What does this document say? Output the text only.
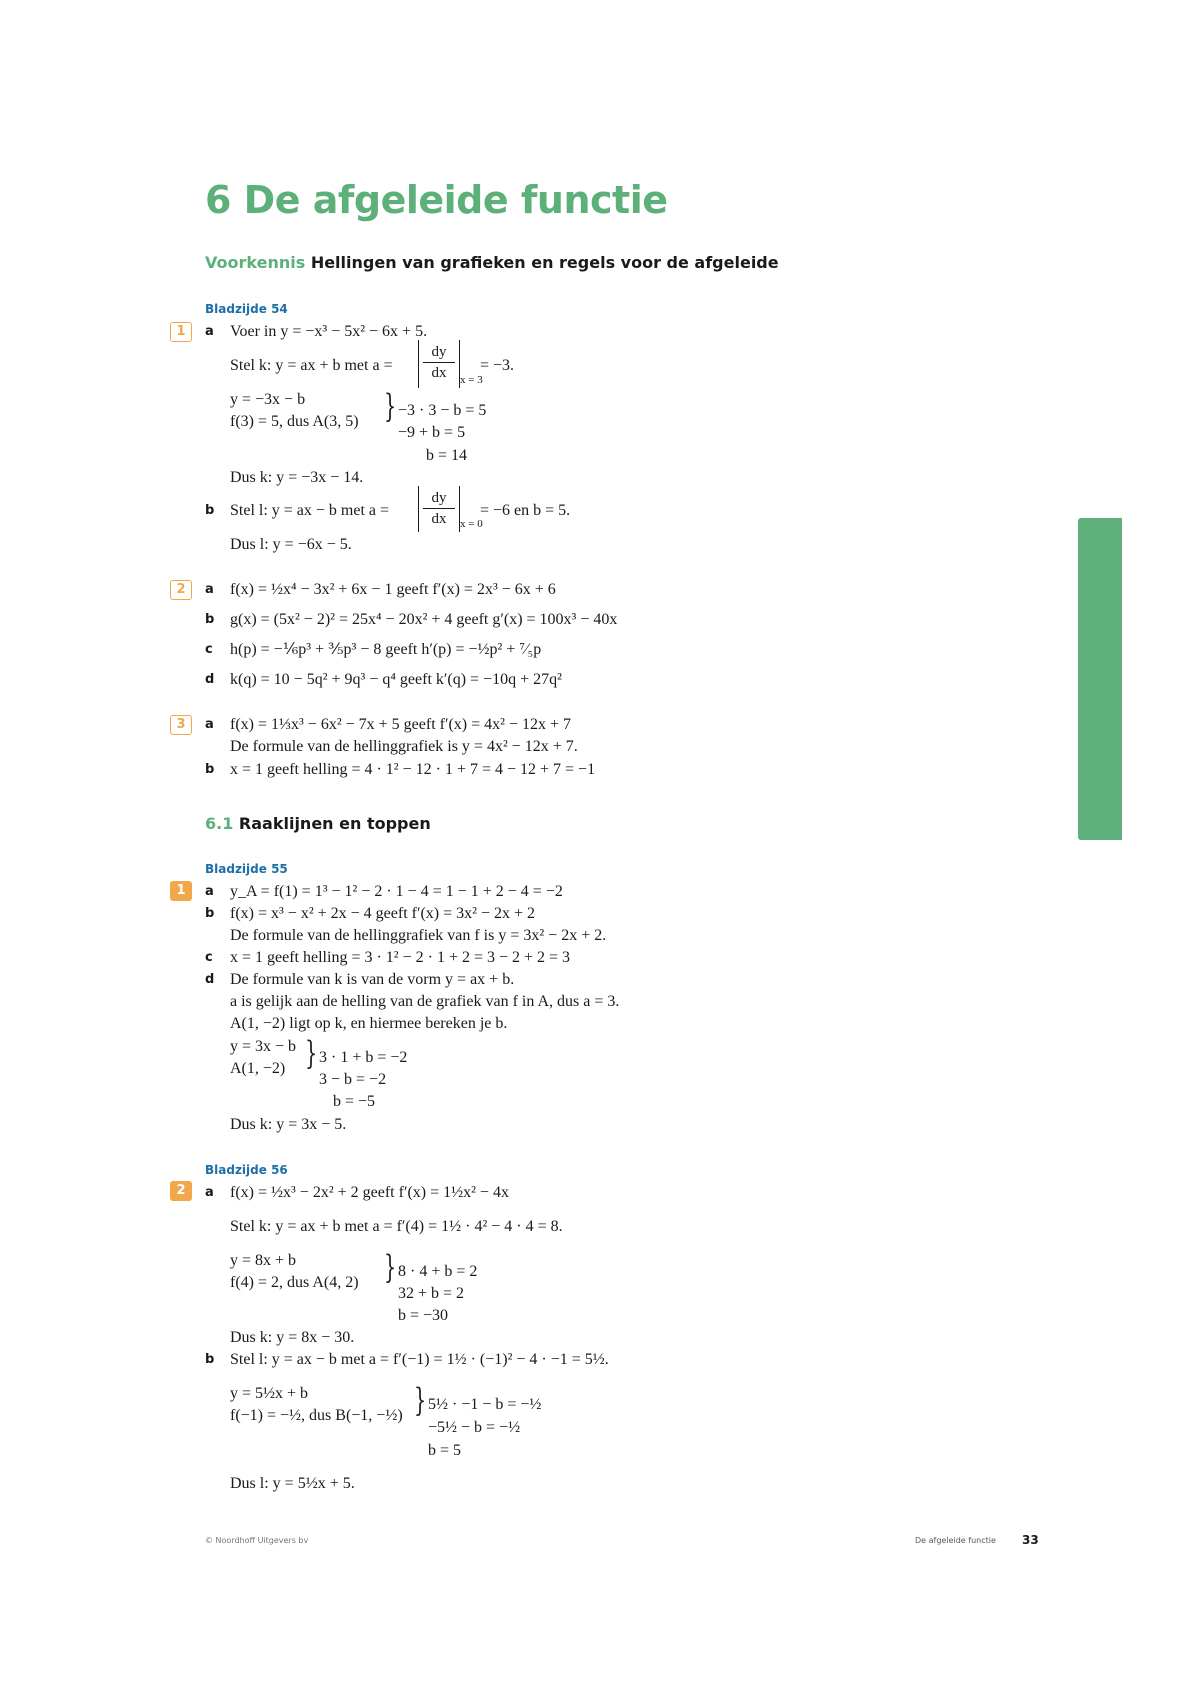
6 De afgeleide functie
Voorkennis Hellingen van grafieken en regels voor de afgeleide
Bladzijde 54
1	a Voer in y = −x³ − 5x² − 6x + 5.
Stel k: y = ax + b met $a = \frac{dy}{dx}$ x = 3
= −3.
y = −3x − b
f(3) = 5, dus A(3, 5) } −3 · 3 − b = 5
−9 + b = 5
b = 14
Dus k: y = −3x − 14.
b Stel l: y = ax − b met $a = \frac{dy}{dx}$ x = 0
= −6 en b = 5.
Dus l: y = −6x − 5.
2	a f(x) = ½x⁴ − 3x² + 6x − 1 geeft f′(x) = 2x³ − 6x + 6
b g(x) = (5x² − 2)² = 25x⁴ − 20x² + 4 geeft g′(x) = 100x³ − 40x
c h(p) = −⅙p³ + ⅗p³ − 8 geeft h′(p) = −½p² + ⁷⁄₅p
d k(q) = 10 − 5q² + 9q³ − q⁴ geeft k′(q) = −10q + 27q²
3	a f(x) = 1⅓x³ − 6x² − 7x + 5 geeft f′(x) = 4x² − 12x + 7
De formule van de hellinggrafiek is y = 4x² − 12x + 7.
b x = 1 geeft helling = 4 · 1² − 12 · 1 + 7 = 4 − 12 + 7 = −1
6.1 Raaklijnen en toppen
Bladzijde 55
1	a y_A = f(1) = 1³ − 1² − 2 · 1 − 4 = 1 − 1 + 2 − 4 = −2
b f(x) = x³ − x² + 2x − 4 geeft f′(x) = 3x² − 2x + 2
De formule van de hellinggrafiek van f is y = 3x² − 2x + 2.
c x = 1 geeft helling = 3 · 1² − 2 · 1 + 2 = 3 − 2 + 2 = 3
d De formule van k is van de vorm y = ax + b.
a is gelijk aan de helling van de grafiek van f in A, dus a = 3.
A(1, −2) ligt op k, en hiermee bereken je b.
y = 3x − b
A(1, −2) } 3 · 1 + b = −2
3 − b = −2
b = −5
Dus k: y = 3x − 5.
Bladzijde 56
2	a f(x) = ½x³ − 2x² + 2 geeft f′(x) = 1½x² − 4x
Stel k: y = ax + b met a = f′(4) = 1½ · 4² − 4 · 4 = 8.
y = 8x + b
f(4) = 2, dus A(4, 2) } 8 · 4 + b = 2
32 + b = 2
b = −30
Dus k: y = 8x − 30.
b Stel l: y = ax − b met a = f′(−1) = 1½ · (−1)² − 4 · −1 = 5½.
y = 5½x + b
f(−1) = −½, dus B(−1, −½) } 5½ · −1 − b = −½
−5½ − b = −½
b = 5
Dus l: y = 5½x + 5.
© Noordhoff Uitgevers bv	De afgeleide functie 33
